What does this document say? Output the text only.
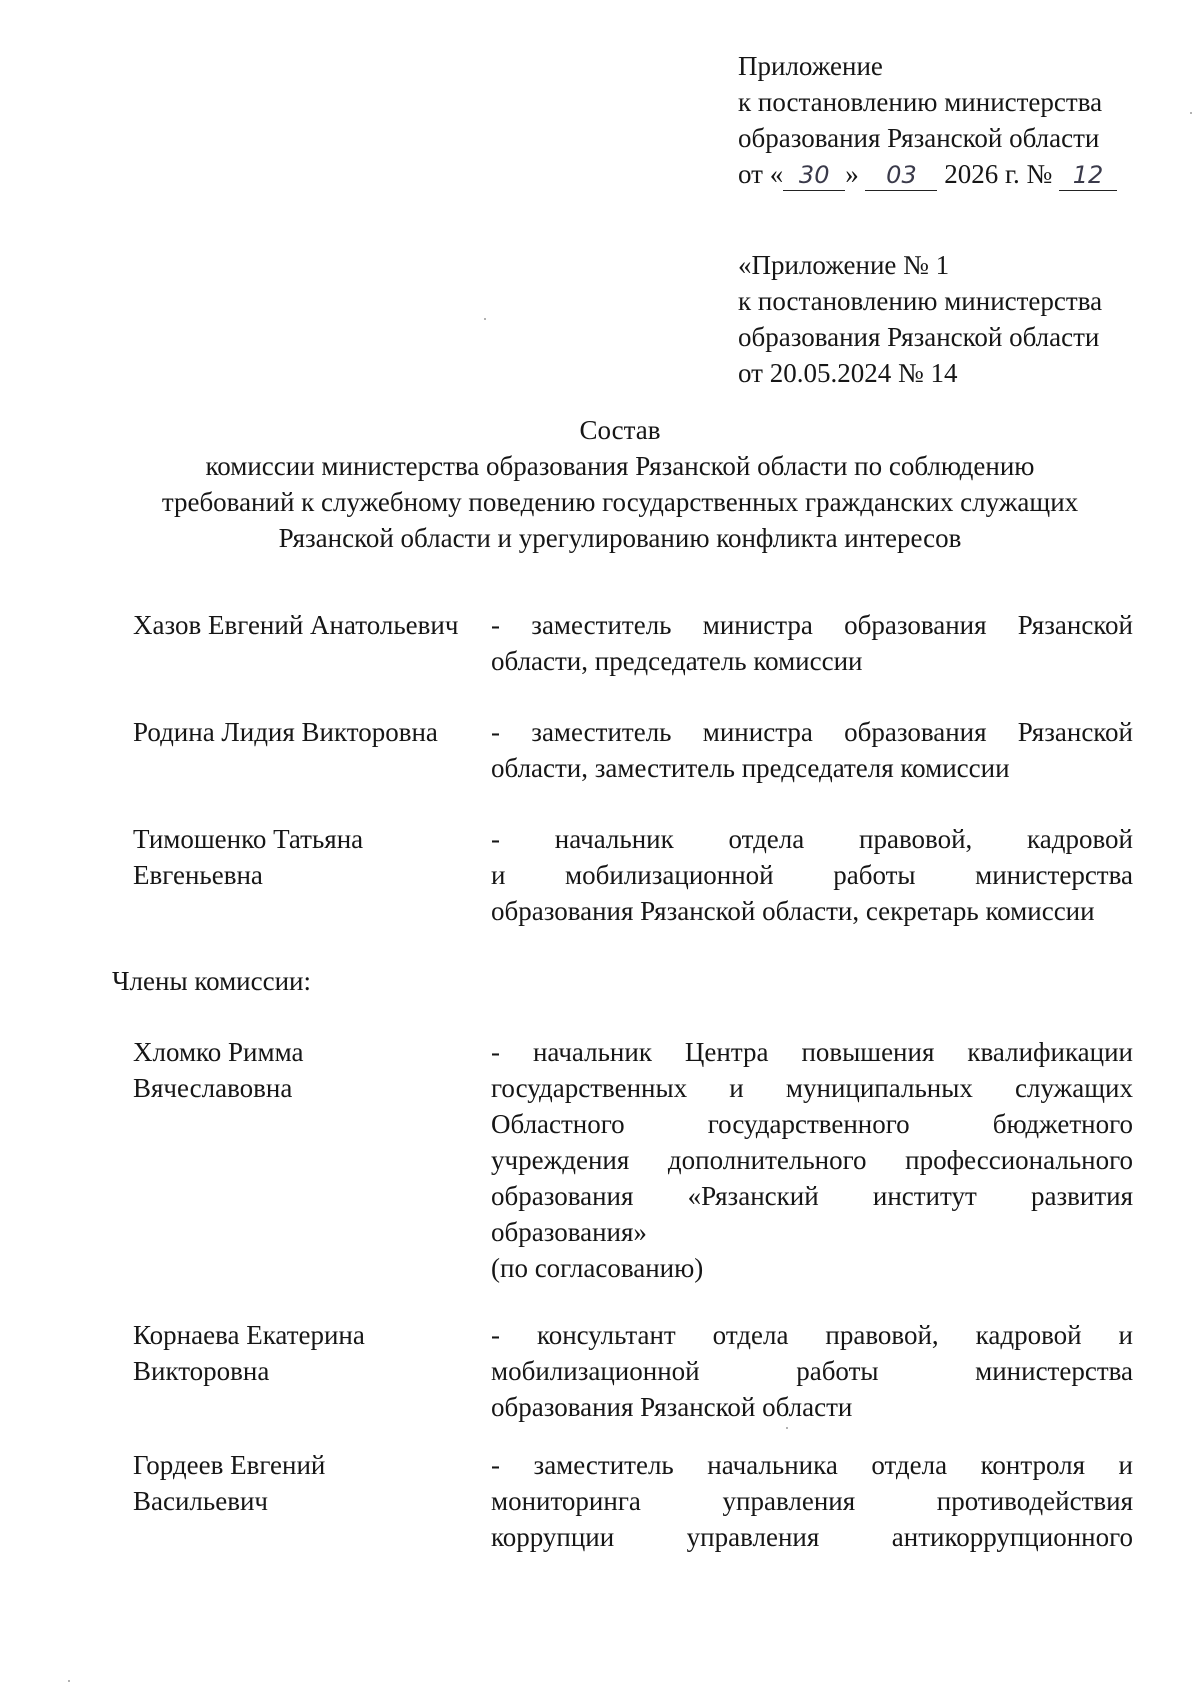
Приложение
к постановлению министерства
образования Рязанской области
от « 30 » 03 2026 г. № 12
«Приложение № 1
к постановлению министерства
образования Рязанской области
от 20.05.2024 № 14
Состав
комиссии министерства образования Рязанской области по соблюдению
требований к служебному поведению государственных гражданских служащих
Рязанской области и урегулированию конфликта интересов
Хазов Евгений Анатольевич	- заместитель министра образования Рязанской
области, председатель комиссии
Родина Лидия Викторовна	- заместитель министра образования Рязанской
области, заместитель председателя комиссии
Тимошенко Татьяна
Евгеньевна
- начальник отдела правовой, кадровой
и мобилизационной работы министерства
образования Рязанской области, секретарь комиссии
Члены комиссии:
Хломко Римма
Вячеславовна
- начальник Центра повышения квалификации
государственных и муниципальных служащих
Областного государственного бюджетного
учреждения дополнительного профессионального
образования «Рязанский институт развития
образования»
(по согласованию)
Корнаева Екатерина
Викторовна
- консультант отдела правовой, кадровой и
мобилизационной работы министерства
образования Рязанской области
Гордеев Евгений
Васильевич
- заместитель начальника отдела контроля и
мониторинга управления противодействия
коррупции управления антикоррупционного
